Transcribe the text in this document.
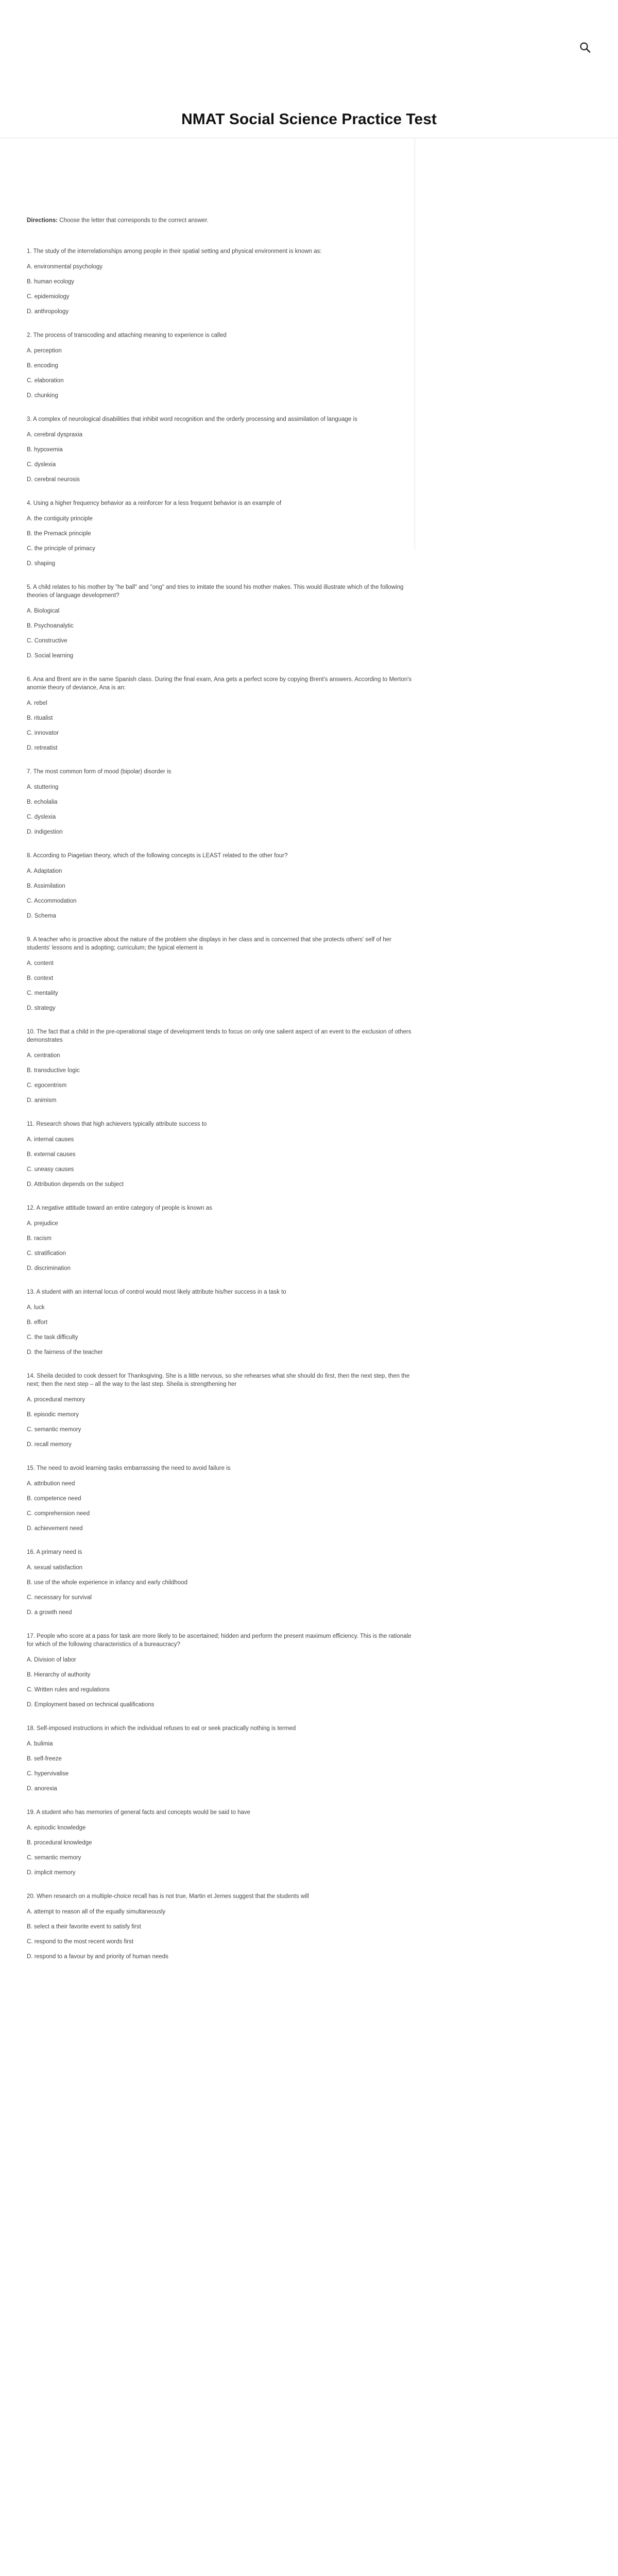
NMAT Social Science Practice Test

Directions: Choose the letter that corresponds to the correct answer.

1. The study of the interrelationships among people in their spatial setting and physical environment is known as:

A. environmental psychology

B. human ecology

C. epidemiology

D. anthropology

2. The process of transcoding and attaching meaning to experience is called

A. perception

B. encoding

C. elaboration

D. chunking

3. A complex of neurological disabilities that inhibit word recognition and the orderly processing and assimilation of language is

A. cerebral dyspraxia

B. hypoxemia

C. dyslexia

D. cerebral neurosis

4. Using a higher frequency behavior as a reinforcer for a less frequent behavior is an example of

A. the contiguity principle

B. the Premack principle

C. the principle of primacy

D. shaping

5. A child relates to his mother by "he ball" and "ong" and tries to imitate the sound his mother makes. This would illustrate which of the following theories of language development?

A. Biological

B. Psychoanalytic

C. Constructive

D. Social learning

6. Ana and Brent are in the same Spanish class. During the final exam, Ana gets a perfect score by copying Brent's answers. According to Merton's anomie theory of deviance, Ana is an:

A. rebel

B. ritualist

C. innovator

D. retreatist

7. The most common form of mood (bipolar) disorder is

A. stuttering

B. echolalia

C. dyslexia

D. indigestion

8. According to Piagetian theory, which of the following concepts is LEAST related to the other four?

A. Adaptation

B. Assimilation

C. Accommodation

D. Schema

9. A teacher who is proactive about the nature of the problem she displays in her class and is concerned that she protects others' self of her students' lessons and is adopting; curriculum; the typical element is

A. content

B. context

C. mentality

D. strategy

10. The fact that a child in the pre-operational stage of development tends to focus on only one salient aspect of an event to the exclusion of others demonstrates

A. centration

B. transductive logic

C. egocentrism

D. animism

11. Research shows that high achievers typically attribute success to

A. internal causes

B. external causes

C. uneasy causes

D. Attribution depends on the subject

12. A negative attitude toward an entire category of people is known as

A. prejudice

B. racism

C. stratification

D. discrimination

13. A student with an internal locus of control would most likely attribute his/her success in a task to

A. luck

B. effort

C. the task difficulty

D. the fairness of the teacher

14. Sheila decided to cook dessert for Thanksgiving. She is a little nervous, so she rehearses what she should do first, then the next step, then the next; then the next step – all the way to the last step. Sheila is strengthening her

A. procedural memory

B. episodic memory

C. semantic memory

D. recall memory

15. The need to avoid learning tasks embarrassing the need to avoid failure is

A. attribution need

B. competence need

C. comprehension need

D. achievement need

16. A primary need is

A. sexual satisfaction

B. use of the whole experience in infancy and early childhood

C. necessary for survival

D. a growth need

17. People who score at a pass for task are more likely to be ascertained; hidden and perform the present maximum efficiency. This is the rationale for which of the following characteristics of a bureaucracy?

A. Division of labor

B. Hierarchy of authority

C. Written rules and regulations

D. Employment based on technical qualifications

18. Self-imposed instructions in which the individual refuses to eat or seek practically nothing is termed

A. bulimia

B. self-freeze

C. hypervivalise

D. anorexia

19. A student who has memories of general facts and concepts would be said to have

A. episodic knowledge

B. procedural knowledge

C. semantic memory

D. implicit memory

20. When research on a multiple-choice recall has is not true, Martin et Jemes suggest that the students will

A. attempt to reason all of the equally simultaneously

B. select a their favorite event to satisfy first

C. respond to the most recent words first

D. respond to a favour by and priority of human needs
